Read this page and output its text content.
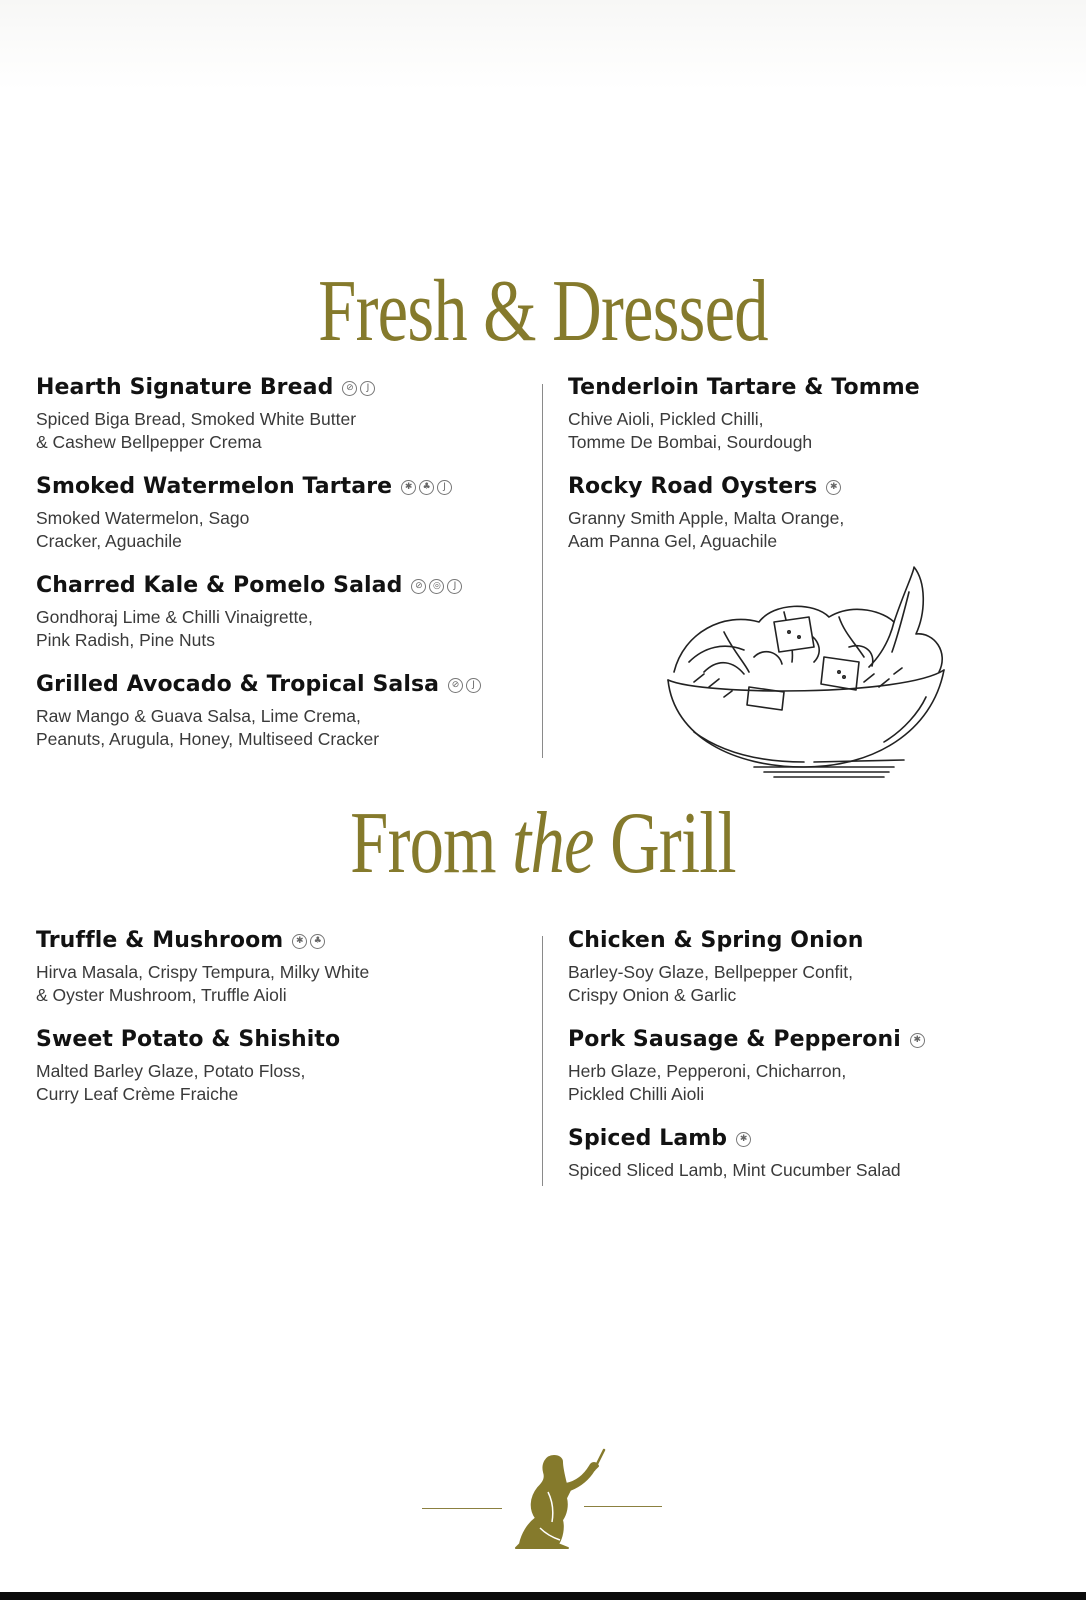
Fresh & Dressed
Hearth Signature Bread	⊘	J
Spiced Biga Bread, Smoked White Butter
& Cashew Bellpepper Crema
Smoked Watermelon Tartare	✱	♣	J
Smoked Watermelon, Sago
Cracker, Aguachile
Charred Kale & Pomelo Salad	⊘	◎	J
Gondhoraj Lime & Chilli Vinaigrette,
Pink Radish, Pine Nuts
Grilled Avocado & Tropical Salsa	⊘	J
Raw Mango & Guava Salsa, Lime Crema,
Peanuts, Arugula, Honey, Multiseed Cracker
Tenderloin Tartare & Tomme
Chive Aioli, Pickled Chilli,
Tomme De Bombai, Sourdough
Rocky Road Oysters	✱
Granny Smith Apple, Malta Orange,
Aam Panna Gel, Aguachile
From the Grill
Truffle & Mushroom	✱	♣
Hirva Masala, Crispy Tempura, Milky White
& Oyster Mushroom, Truffle Aioli
Sweet Potato & Shishito
Malted Barley Glaze, Potato Floss,
Curry Leaf Crème Fraiche
Chicken & Spring Onion
Barley-Soy Glaze, Bellpepper Confit,
Crispy Onion & Garlic
Pork Sausage & Pepperoni	✱
Herb Glaze, Pepperoni, Chicharron,
Pickled Chilli Aioli
Spiced Lamb	✱
Spiced Sliced Lamb, Mint Cucumber Salad
